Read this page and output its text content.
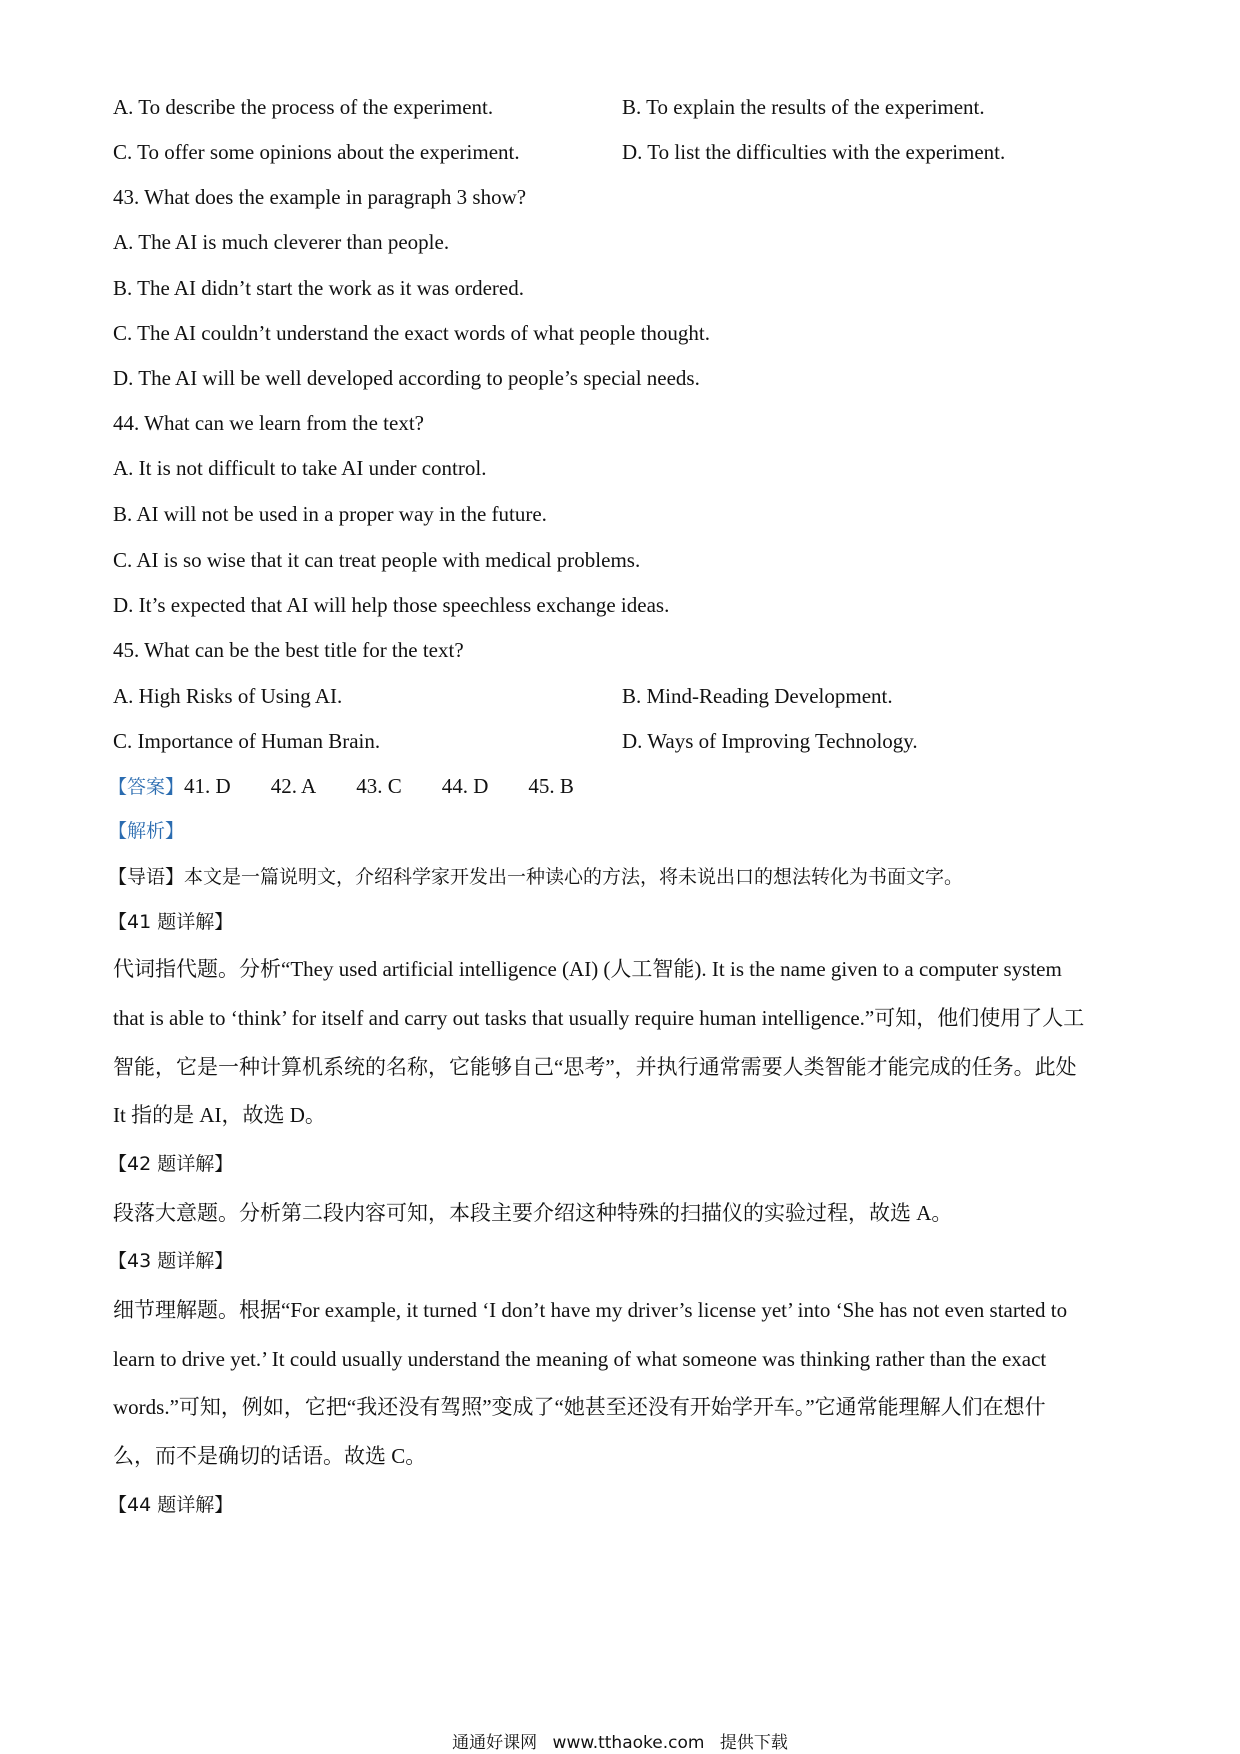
A. To describe the process of the experiment.	B. To explain the results of the experiment.
C. To offer some opinions about the experiment.	D. To list the difficulties with the experiment.
43. What does the example in paragraph 3 show?
A. The AI is much cleverer than people.
B. The AI didn’t start the work as it was ordered.
C. The AI couldn’t understand the exact words of what people thought.
D. The AI will be well developed according to people’s special needs.
44. What can we learn from the text?
A. It is not difficult to take AI under control.
B. AI will not be used in a proper way in the future.
C. AI is so wise that it can treat people with medical problems.
D. It’s expected that AI will help those speechless exchange ideas.
45. What can be the best title for the text?
A. High Risks of Using AI.	B. Mind-Reading Development.
C. Importance of Human Brain.	D. Ways of Improving Technology.
【答案】41. D 42. A 43. C 44. D 45. B
【解析】
【导语】本文是一篇说明文，介绍科学家开发出一种读心的方法，将未说出口的想法转化为书面文字。
【41 题详解】
代词指代题。分析“They used artificial intelligence (AI) (人工智能). It is the name given to a computer system
that is able to ‘think’ for itself and carry out tasks that usually require human intelligence.”可知，他们使用了人工
智能，它是一种计算机系统的名称，它能够自己“思考”，并执行通常需要人类智能才能完成的任务。此处
It 指的是 AI，故选 D。
【42 题详解】
段落大意题。分析第二段内容可知，本段主要介绍这种特殊的扫描仪的实验过程，故选 A。
【43 题详解】
细节理解题。根据“For example, it turned ‘I don’t have my driver’s license yet’ into ‘She has not even started to
learn to drive yet.’ It could usually understand the meaning of what someone was thinking rather than the exact
words.”可知，例如，它把“我还没有驾照”变成了“她甚至还没有开始学开车。”它通常能理解人们在想什
么，而不是确切的话语。故选 C。
【44 题详解】
通通好课网 www.tthaoke.com 提供下载
